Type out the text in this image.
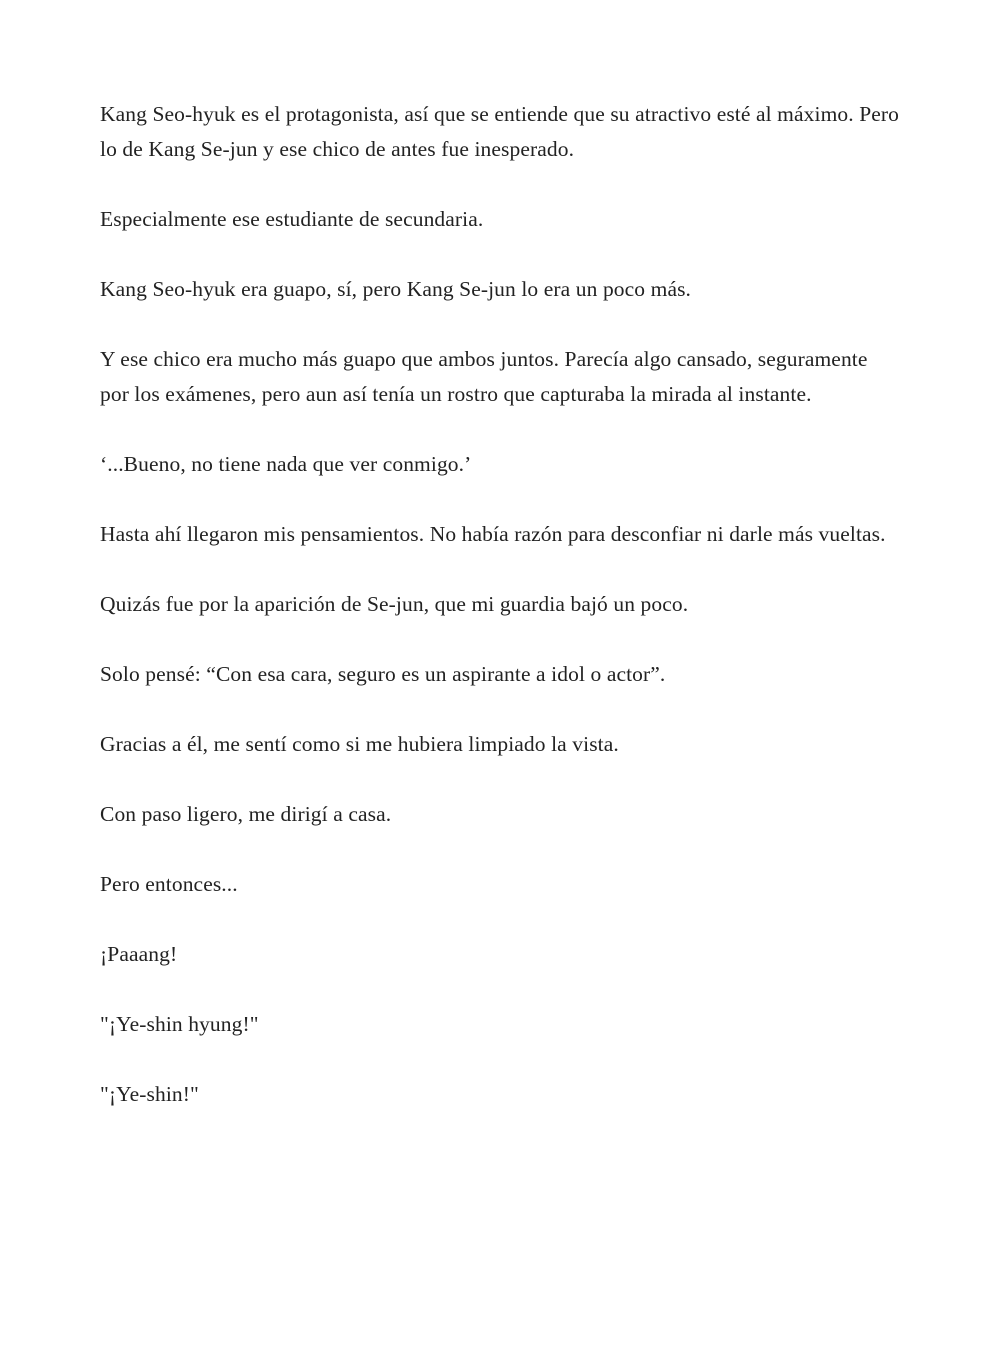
Kang Seo-hyuk es el protagonista, así que se entiende que su atractivo esté al máximo. Pero lo de Kang Se-jun y ese chico de antes fue inesperado.

Especialmente ese estudiante de secundaria.

Kang Seo-hyuk era guapo, sí, pero Kang Se-jun lo era un poco más.

Y ese chico era mucho más guapo que ambos juntos. Parecía algo cansado, seguramente por los exámenes, pero aun así tenía un rostro que capturaba la mirada al instante.

‘...Bueno, no tiene nada que ver conmigo.’

Hasta ahí llegaron mis pensamientos. No había razón para desconfiar ni darle más vueltas.

Quizás fue por la aparición de Se-jun, que mi guardia bajó un poco.

Solo pensé: “Con esa cara, seguro es un aspirante a idol o actor”.

Gracias a él, me sentí como si me hubiera limpiado la vista.

Con paso ligero, me dirigí a casa.

Pero entonces...

¡Paaang!

"¡Ye-shin hyung!"

"¡Ye-shin!"
